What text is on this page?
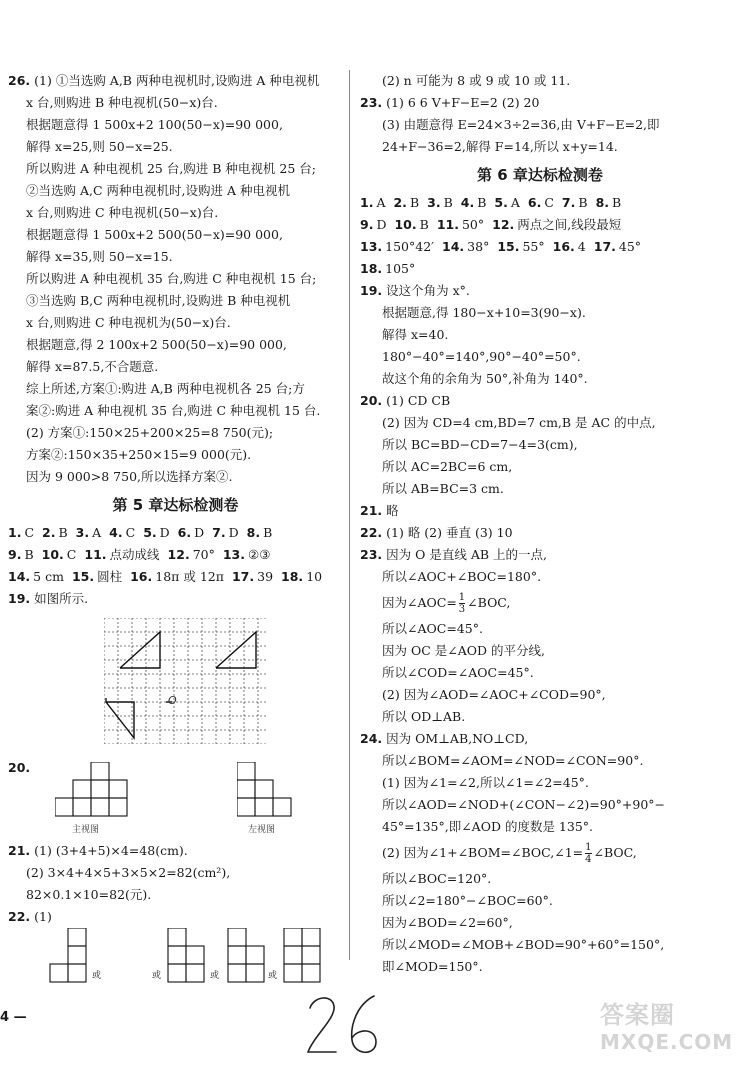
26. (1) ①当选购 A,B 两种电视机时,设购进 A 种电视机
x 台,则购进 B 种电视机(50−x)台.
根据题意得 1 500x+2 100(50−x)=90 000,
解得 x=25,则 50−x=25.
所以购进 A 种电视机 25 台,购进 B 种电视机 25 台;
②当选购 A,C 两种电视机时,设购进 A 种电视机
x 台,则购进 C 种电视机(50−x)台.
根据题意得 1 500x+2 500(50−x)=90 000,
解得 x=35,则 50−x=15.
所以购进 A 种电视机 35 台,购进 C 种电视机 15 台;
③当选购 B,C 两种电视机时,设购进 B 种电视机
x 台,则购进 C 种电视机为(50−x)台.
根据题意,得 2 100x+2 500(50−x)=90 000,
解得 x=87.5,不合题意.
综上所述,方案①:购进 A,B 两种电视机各 25 台;方
案②:购进 A 种电视机 35 台,购进 C 种电视机 15 台.
(2) 方案①:150×25+200×25=8 750(元);
方案②:150×35+250×15=9 000(元).
因为 9 000>8 750,所以选择方案②.
第 5 章达标检测卷
1. C 2. B 3. A 4. C 5. D 6. D 7. D 8. B
9. B 10. C 11. 点动成线 12. 70° 13. ②③
14. 5 cm 15. 圆柱 16. 18π 或 12π 17. 39 18. 10
19. 如图所示.
O
20.
主视图	左视图
21. (1) (3+4+5)×4=48(cm).
(2) 3×4+4×5+3×5×2=82(cm²),
82×0.1×10=82(元).
22. (1)
或	或	或	或
4 —
(2) n 可能为 8 或 9 或 10 或 11.
23. (1) 6 6 V+F−E=2 (2) 20
(3) 由题意得 E=24×3÷2=36,由 V+F−E=2,即
24+F−36=2,解得 F=14,所以 x+y=14.
第 6 章达标检测卷
1. A 2. B 3. B 4. B 5. A 6. C 7. B 8. B
9. D 10. B 11. 50° 12. 两点之间,线段最短
13. 150°42′ 14. 38° 15. 55° 16. 4 17. 45°
18. 105°
19. 设这个角为 x°.
根据题意,得 180−x+10=3(90−x).
解得 x=40.
180°−40°=140°,90°−40°=50°.
故这个角的余角为 50°,补角为 140°.
20. (1) CD CB
(2) 因为 CD=4 cm,BD=7 cm,B 是 AC 的中点,
所以 BC=BD−CD=7−4=3(cm),
所以 AC=2BC=6 cm,
所以 AB=BC=3 cm.
21. 略
22. (1) 略 (2) 垂直 (3) 10
23. 因为 O 是直线 AB 上的一点,
所以∠AOC+∠BOC=180°.
因为∠AOC= $\frac{1}{3}$ ∠BOC,
所以∠AOC=45°.
因为 OC 是∠AOD 的平分线,
所以∠COD=∠AOC=45°.
(2) 因为∠AOD=∠AOC+∠COD=90°,
所以 OD⊥AB.
24. 因为 OM⊥AB,NO⊥CD,
所以∠BOM=∠AOM=∠NOD=∠CON=90°.
(1) 因为∠1=∠2,所以∠1=∠2=45°.
所以∠AOD=∠NOD+(∠CON−∠2)=90°+90°−
45°=135°,即∠AOD 的度数是 135°.
(2) 因为∠1+∠BOM=∠BOC,∠1= $\frac{1}{4}$ ∠BOC,
所以∠BOC=120°.
所以∠2=180°−∠BOC=60°.
因为∠BOD=∠2=60°,
所以∠MOD=∠MOB+∠BOD=90°+60°=150°,
即∠MOD=150°.
答案圈
MXQE.COM
